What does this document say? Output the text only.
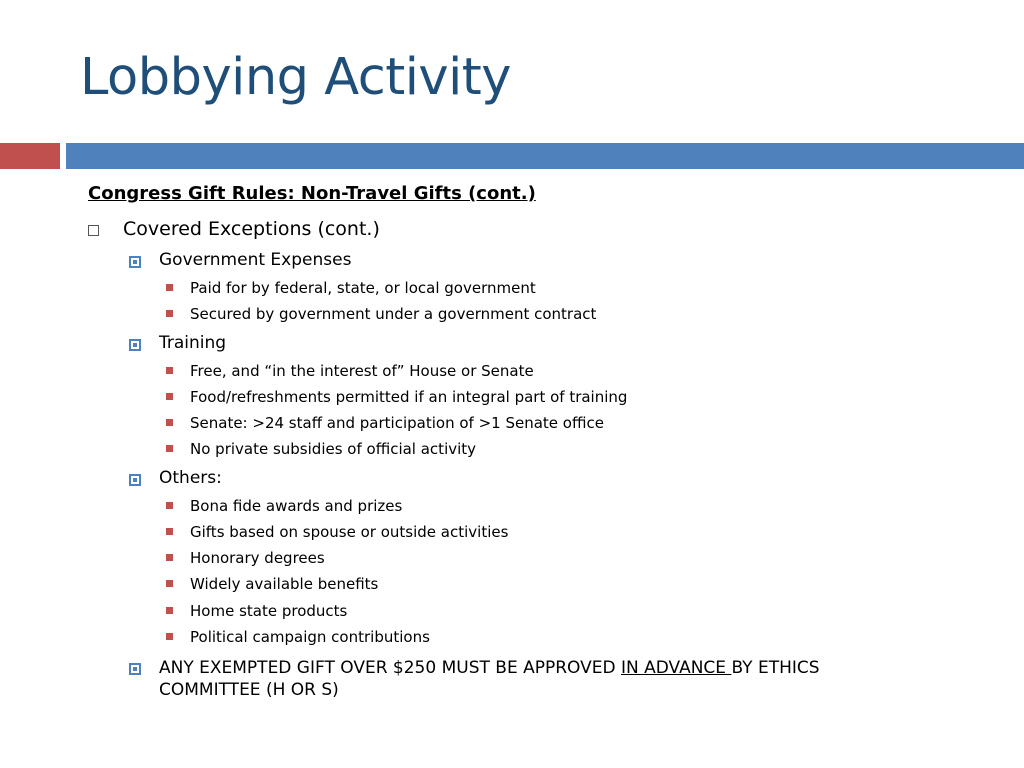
Lobbying Activity
Congress Gift Rules: Non-Travel Gifts (cont.)
Covered Exceptions (cont.)
Government Expenses
Paid for by federal, state, or local government
Secured by government under a government contract
Training
Free, and “in the interest of” House or Senate
Food/refreshments permitted if an integral part of training
Senate: >24 staff and participation of >1 Senate office
No private subsidies of official activity
Others:
Bona fide awards and prizes
Gifts based on spouse or outside activities
Honorary degrees
Widely available benefits
Home state products
Political campaign contributions
ANY EXEMPTED GIFT OVER $250 MUST BE APPROVED IN ADVANCE BY ETHICS COMMITTEE (H OR S)
